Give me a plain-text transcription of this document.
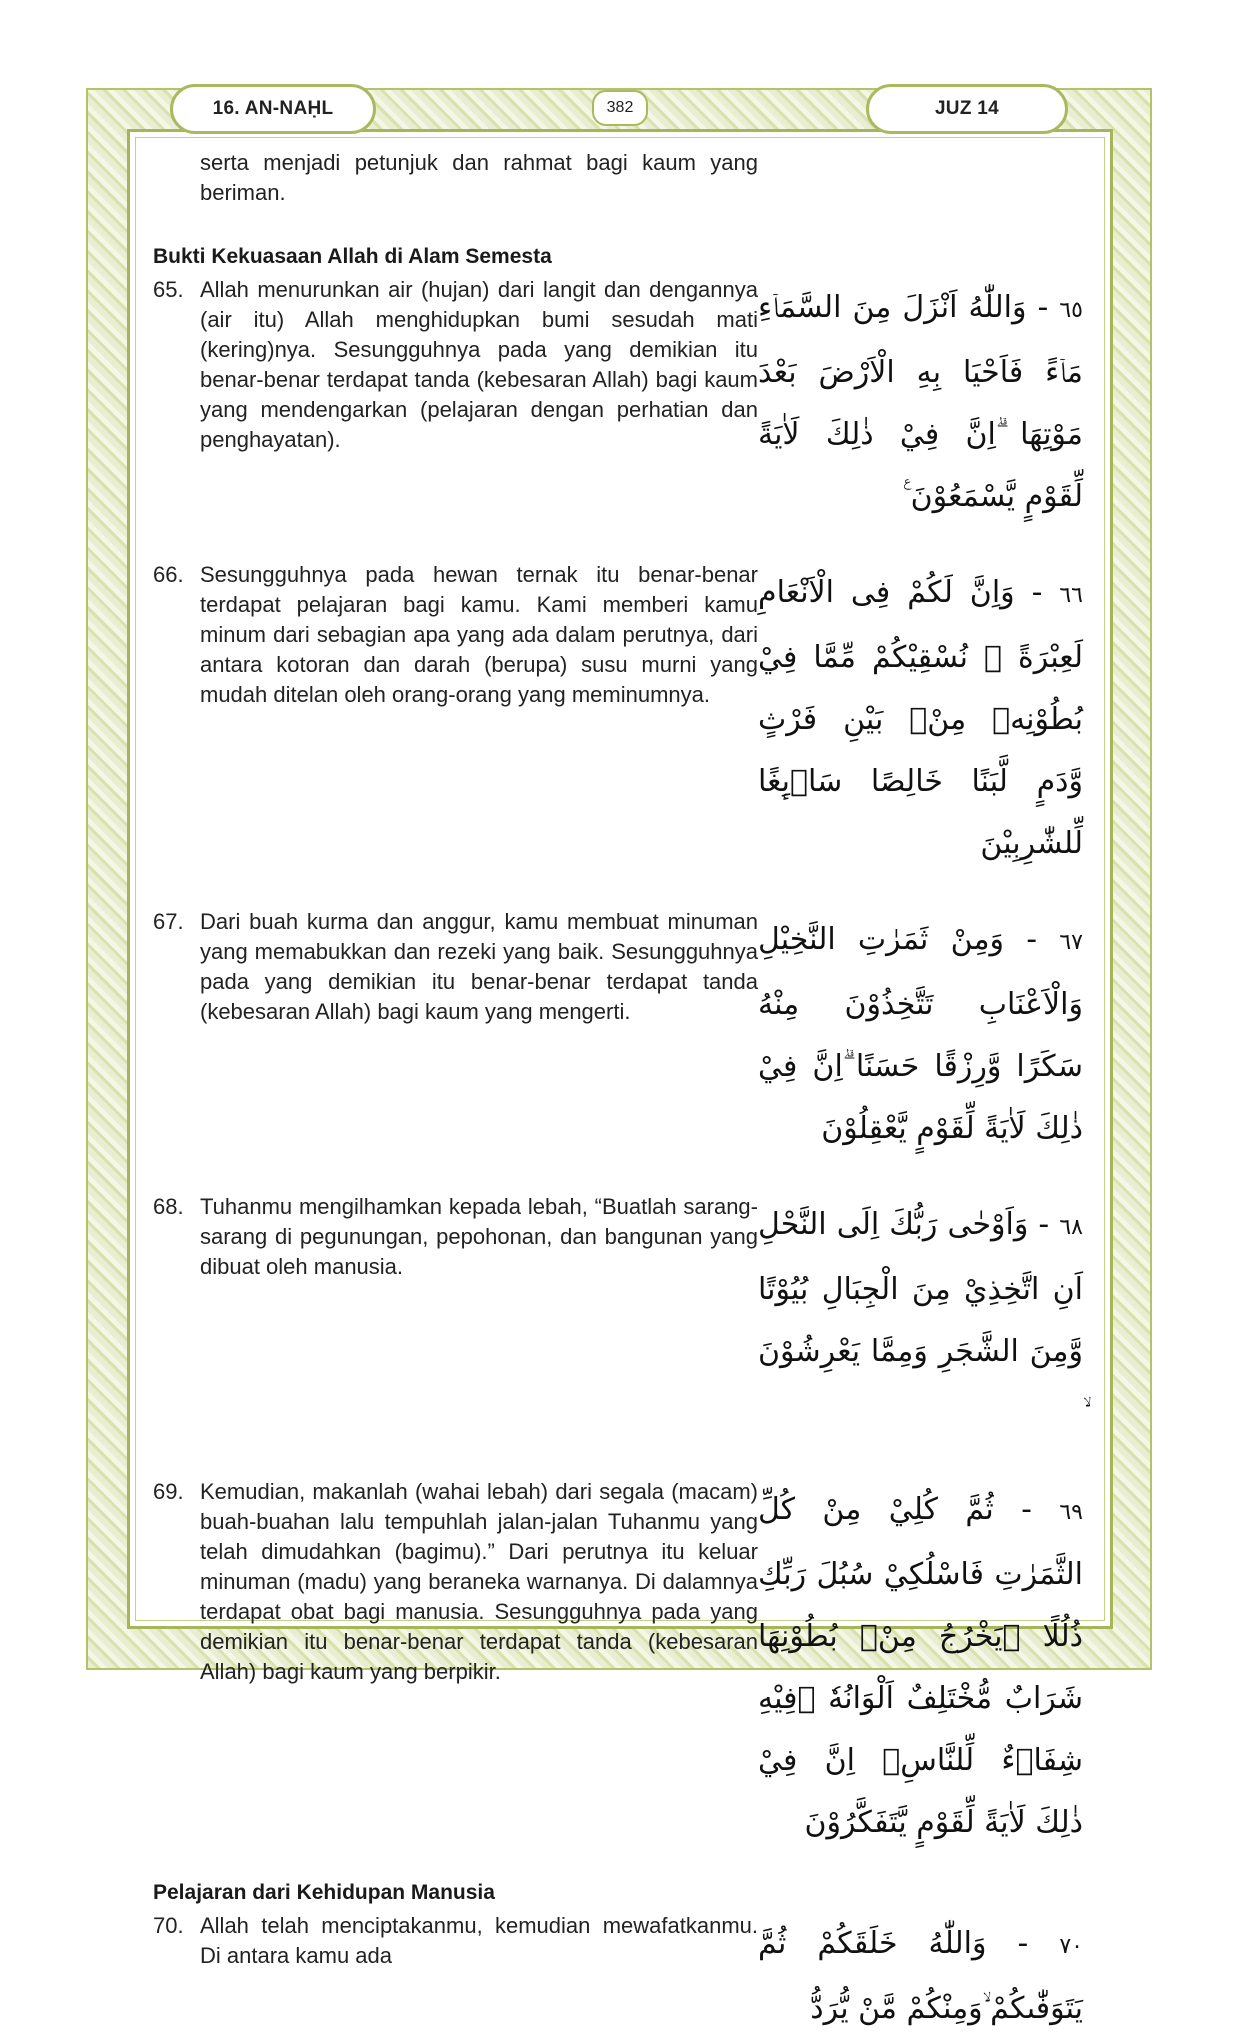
16. AN-NAḤL	382	JUZ 14
serta menjadi petunjuk dan rahmat bagi kaum yang beriman.
Bukti Kekuasaan Allah di Alam Semesta
65. Allah menurunkan air (hujan) dari langit dan dengannya (air itu) Allah menghidupkan bumi sesudah mati (kering)nya. Sesungguhnya pada yang demikian itu benar-benar terdapat tanda (kebesaran Allah) bagi kaum yang mendengarkan (pelajaran dengan perhatian dan penghayatan).
٦٥ - وَاللّٰهُ اَنْزَلَ مِنَ السَّمَاۤءِ مَاۤءً فَاَحْيَا بِهِ الْاَرْضَ بَعْدَ مَوْتِهَا ۗاِنَّ فِيْ ذٰلِكَ لَاٰيَةً لِّقَوْمٍ يَّسْمَعُوْنَ ࣖ
66. Sesungguhnya pada hewan ternak itu benar-benar terdapat pelajaran bagi kamu. Kami memberi kamu minum dari sebagian apa yang ada dalam perutnya, dari antara kotoran dan darah (berupa) susu murni yang mudah ditelan oleh orang-orang yang meminumnya.
٦٦ - وَاِنَّ لَكُمْ فِى الْاَنْعَامِ لَعِبْرَةً ۚ نُسْقِيْكُمْ مِّمَّا فِيْ بُطُوْنِهٖ مِنْۢ بَيْنِ فَرْثٍ وَّدَمٍ لَّبَنًا خَالِصًا سَاۤىِٕغًا لِّلشّٰرِبِيْنَ
67. Dari buah kurma dan anggur, kamu membuat minuman yang memabukkan dan rezeki yang baik. Sesungguhnya pada yang demikian itu benar-benar terdapat tanda (kebesaran Allah) bagi kaum yang mengerti.
٦٧ - وَمِنْ ثَمَرٰتِ النَّخِيْلِ وَالْاَعْنَابِ تَتَّخِذُوْنَ مِنْهُ سَكَرًا وَّرِزْقًا حَسَنًا ۗاِنَّ فِيْ ذٰلِكَ لَاٰيَةً لِّقَوْمٍ يَّعْقِلُوْنَ
68. Tuhanmu mengilhamkan kepada lebah, “Buatlah sarang-sarang di pegunungan, pepohonan, dan bangunan yang dibuat oleh manusia.
٦٨ - وَاَوْحٰى رَبُّكَ اِلَى النَّحْلِ اَنِ اتَّخِذِيْ مِنَ الْجِبَالِ بُيُوْتًا وَّمِنَ الشَّجَرِ وَمِمَّا يَعْرِشُوْنَ
69. Kemudian, makanlah (wahai lebah) dari segala (macam) buah-buahan lalu tempuhlah jalan-jalan Tuhanmu yang telah dimudahkan (bagimu).” Dari perutnya itu keluar minuman (madu) yang beraneka warnanya. Di dalamnya terdapat obat bagi manusia. Sesungguhnya pada yang demikian itu benar-benar terdapat tanda (kebesaran Allah) bagi kaum yang berpikir.
٦٩ - ثُمَّ كُلِيْ مِنْ كُلِّ الثَّمَرٰتِ فَاسْلُكِيْ سُبُلَ رَبِّكِ ذُلُلًا ۗيَخْرُجُ مِنْۢ بُطُوْنِهَا شَرَابٌ مُّخْتَلِفٌ اَلْوَانُهٗ ۖفِيْهِ شِفَاۤءٌ لِّلنَّاسِۗ اِنَّ فِيْ ذٰلِكَ لَاٰيَةً لِّقَوْمٍ يَّتَفَكَّرُوْنَ
Pelajaran dari Kehidupan Manusia
70. Allah telah menciptakanmu, kemudian mewafatkanmu. Di antara kamu ada	٧٠ - وَاللّٰهُ خَلَقَكُمْ ثُمَّ يَتَوَفّٰىكُمْ ۙوَمِنْكُمْ مَّنْ يُّرَدُّ
